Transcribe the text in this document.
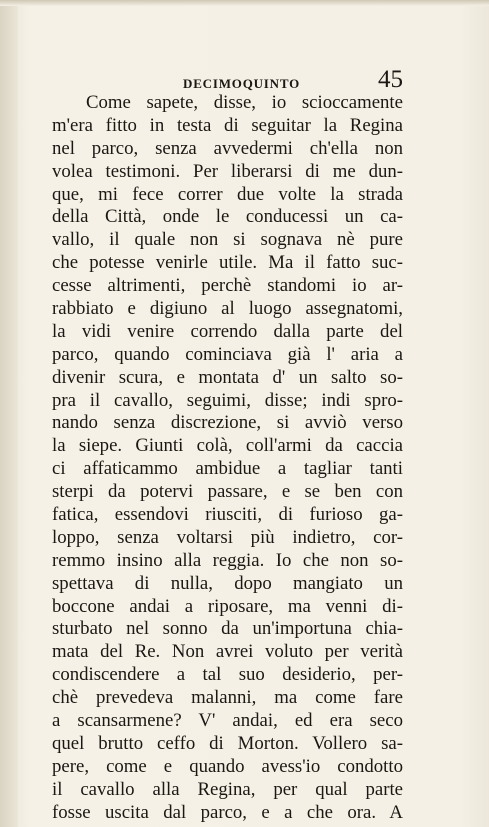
DECIMOQUINTO	45
Come sapete, disse, io scioccamente
m'era fitto in testa di seguitar la Regina
nel parco, senza avvedermi ch'ella non
volea testimoni. Per liberarsi di me dun-
que, mi fece correr due volte la strada
della Città, onde le conducessi un ca-
vallo, il quale non si sognava nè pure
che potesse venirle utile. Ma il fatto suc-
cesse altrimenti, perchè standomi io ar-
rabbiato e digiuno al luogo assegnatomi,
la vidi venire correndo dalla parte del
parco, quando cominciava già l' aria a
divenir scura, e montata d' un salto so-
pra il cavallo, seguimi, disse; indi spro-
nando senza discrezione, si avviò verso
la siepe. Giunti colà, coll'armi da caccia
ci affaticammo ambidue a tagliar tanti
sterpi da potervi passare, e se ben con
fatica, essendovi riusciti, di furioso ga-
loppo, senza voltarsi più indietro, cor-
remmo insino alla reggia. Io che non so-
spettava di nulla, dopo mangiato un
boccone andai a riposare, ma venni di-
sturbato nel sonno da un'importuna chia-
mata del Re. Non avrei voluto per verità
condiscendere a tal suo desiderio, per-
chè prevedeva malanni, ma come fare
a scansarmene? V' andai, ed era seco
quel brutto ceffo di Morton. Vollero sa-
pere, come e quando avess'io condotto
il cavallo alla Regina, per qual parte
fosse uscita dal parco, e a che ora. A
